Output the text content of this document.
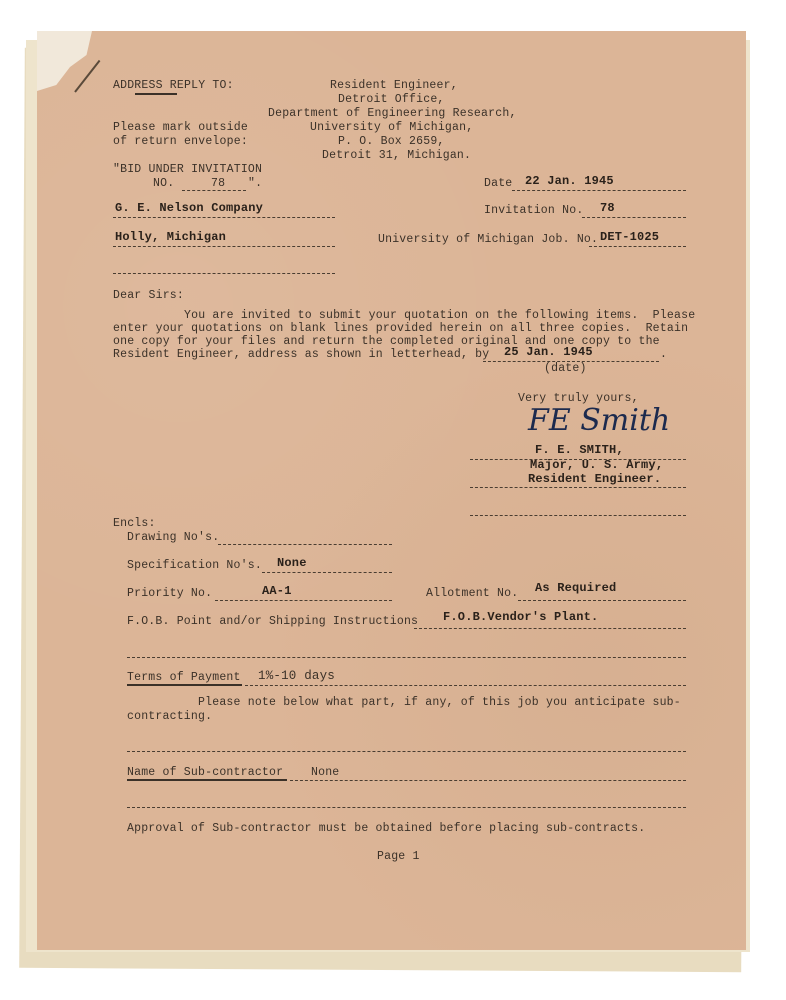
ADDRESS REPLY TO:	Resident Engineer,
Detroit Office,
Department of Engineering Research,
University of Michigan,
P. O. Box 2659,
Detroit 31, Michigan.
Please mark outside
of return envelope:
"BID UNDER INVITATION
NO.	78 ".	Date 22 Jan. 1945
Invitation No. 78
University of Michigan Job. No. DET-1025
G. E. Nelson Company
Holly, Michigan
Dear Sirs:
You are invited to submit your quotation on the following items.  Please
enter your quotations on blank lines provided herein on all three copies.  Retain
one copy for your files and return the completed original and one copy to the
Resident Engineer, address as shown in letterhead, by 25 Jan. 1945	.
(date)
Very truly yours,
FE Smith
F. E. SMITH,
Major, U. S. Army,
Resident Engineer.
Encls:
Drawing No's.
Specification No's. None
Priority No.	AA-1	Allotment No. As Required
F.O.B. Point and/or Shipping Instructions F.O.B.Vendor's Plant.
Terms of Payment 1%-10 days
Please note below what part, if any, of this job you anticipate sub-
contracting.
Name of Sub-contractor None
Approval of Sub-contractor must be obtained before placing sub-contracts.
Page 1
